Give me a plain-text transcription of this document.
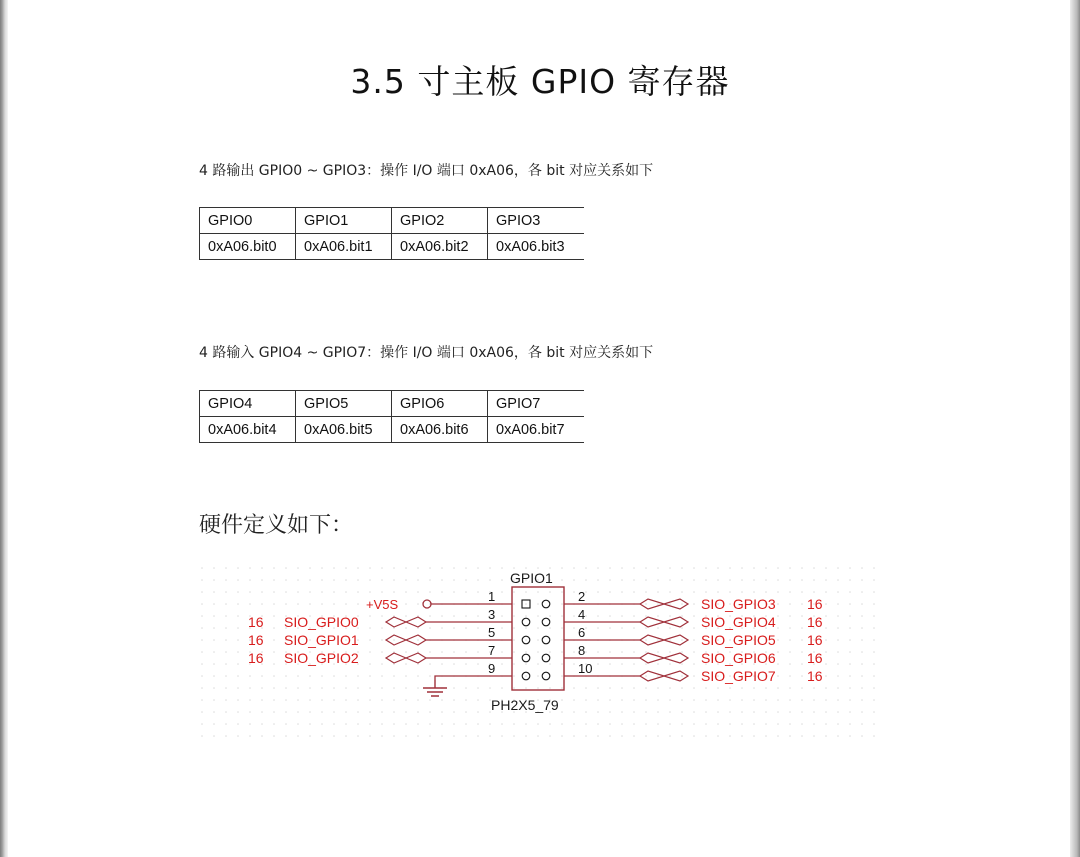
3.5 寸主板 GPIO 寄存器
4 路输出 GPIO0 ~ GPIO3：操作 I/O 端口 0xA06，各 bit 对应关系如下
GPIO0	GPIO1	GPIO2	GPIO3
0xA06.bit0	0xA06.bit1	0xA06.bit2	0xA06.bit3
4 路输入 GPIO4 ~ GPIO7：操作 I/O 端口 0xA06，各 bit 对应关系如下
GPIO4	GPIO5	GPIO6	GPIO7
0xA06.bit4	0xA06.bit5	0xA06.bit6	0xA06.bit7
硬件定义如下：
GPIO1
PH2X5_79
+V5S
1	2
3	4
5	6
7	8
9	10
SIO_GPIO0
16
SIO_GPIO1
16
SIO_GPIO2
16
SIO_GPIO3 16
SIO_GPIO4 16
SIO_GPIO5 16
SIO_GPIO6 16
SIO_GPIO7 16
